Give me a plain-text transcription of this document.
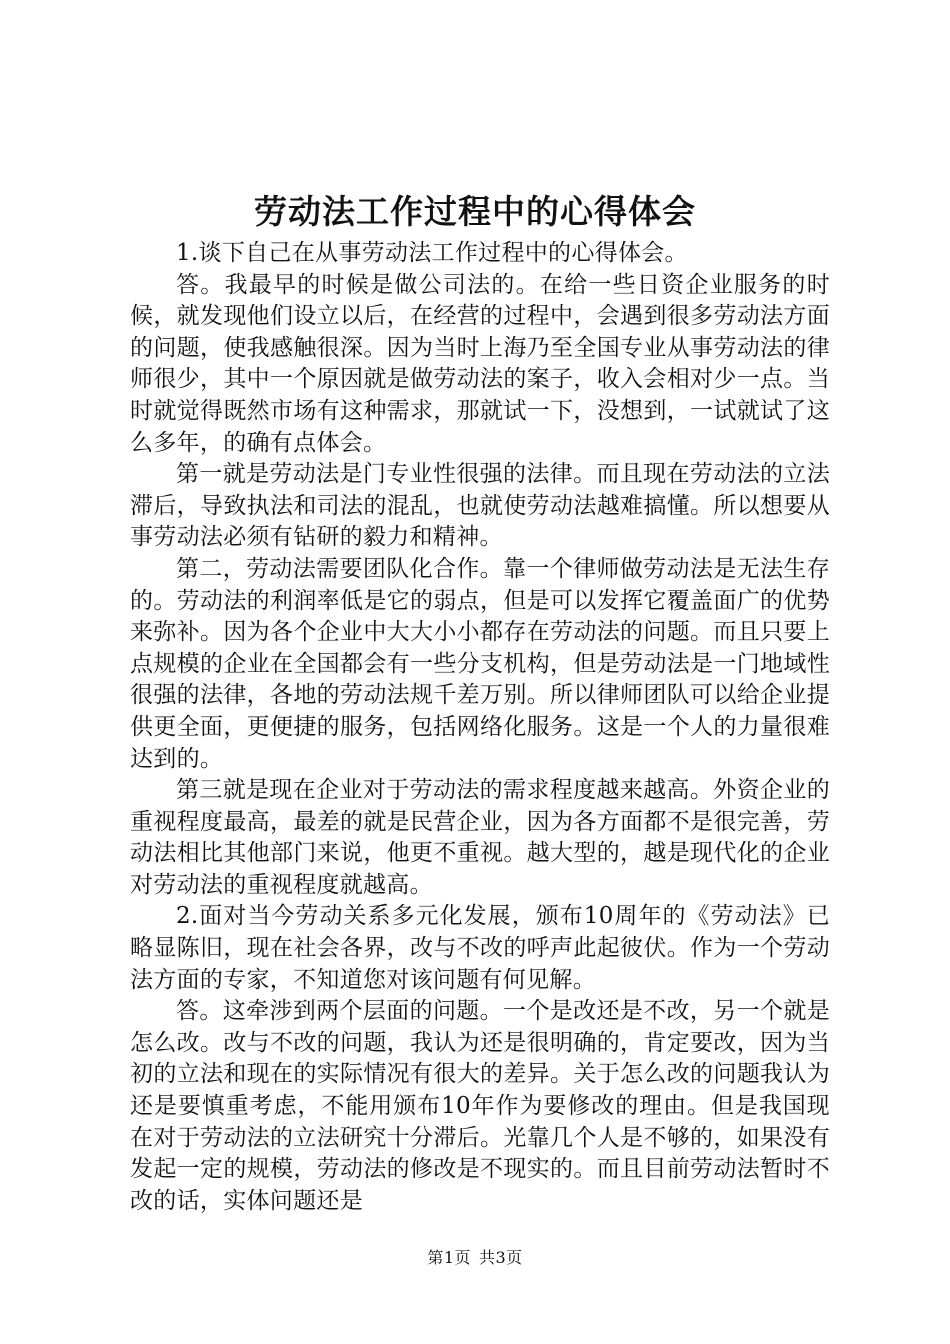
劳动法工作过程中的心得体会

1.谈下自己在从事劳动法工作过程中的心得体会。

答。我最早的时候是做公司法的。在给一些日资企业服务的时候，就发现他们设立以后，在经营的过程中，会遇到很多劳动法方面的问题，使我感触很深。因为当时上海乃至全国专业从事劳动法的律师很少，其中一个原因就是做劳动法的案子，收入会相对少一点。当时就觉得既然市场有这种需求，那就试一下，没想到，一试就试了这么多年，的确有点体会。

第一就是劳动法是门专业性很强的法律。而且现在劳动法的立法滞后，导致执法和司法的混乱，也就使劳动法越难搞懂。所以想要从事劳动法必须有钻研的毅力和精神。

第二，劳动法需要团队化合作。靠一个律师做劳动法是无法生存的。劳动法的利润率低是它的弱点，但是可以发挥它覆盖面广的优势来弥补。因为各个企业中大大小小都存在劳动法的问题。而且只要上点规模的企业在全国都会有一些分支机构，但是劳动法是一门地域性很强的法律，各地的劳动法规千差万别。所以律师团队可以给企业提供更全面，更便捷的服务，包括网络化服务。这是一个人的力量很难达到的。

第三就是现在企业对于劳动法的需求程度越来越高。外资企业的重视程度最高，最差的就是民营企业，因为各方面都不是很完善，劳动法相比其他部门来说，他更不重视。越大型的，越是现代化的企业对劳动法的重视程度就越高。

2.面对当今劳动关系多元化发展，颁布10周年的《劳动法》已略显陈旧，现在社会各界，改与不改的呼声此起彼伏。作为一个劳动法方面的专家，不知道您对该问题有何见解。

答。这牵涉到两个层面的问题。一个是改还是不改，另一个就是怎么改。改与不改的问题，我认为还是很明确的，肯定要改，因为当初的立法和现在的实际情况有很大的差异。关于怎么改的问题我认为还是要慎重考虑，不能用颁布10年作为要修改的理由。但是我国现在对于劳动法的立法研究十分滞后。光靠几个人是不够的，如果没有发起一定的规模，劳动法的修改是不现实的。而且目前劳动法暂时不改的话，实体问题还是

第1页 共3页
